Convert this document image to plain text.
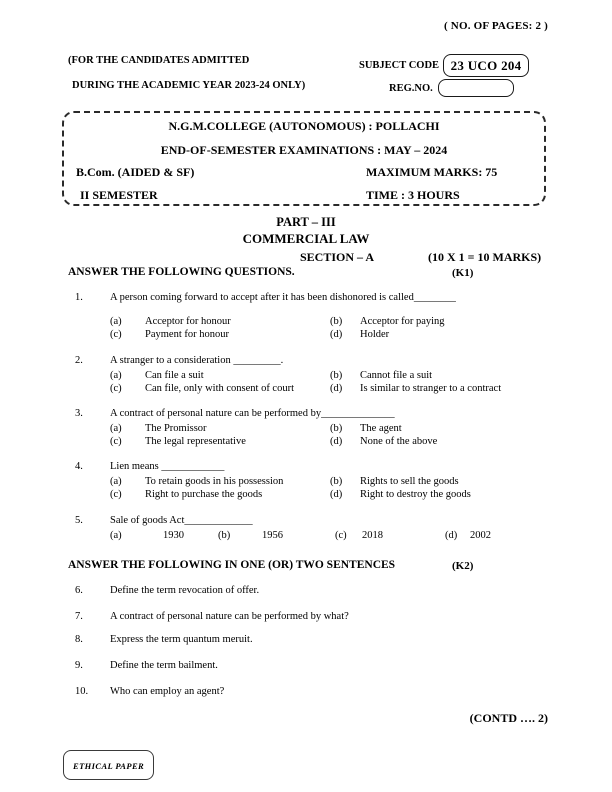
( NO. OF PAGES: 2 )
(FOR THE CANDIDATES ADMITTED
DURING THE ACADEMIC YEAR 2023-24 ONLY)
SUBJECT CODE 23 UCO 204
REG.NO.
N.G.M.COLLEGE (AUTONOMOUS) : POLLACHI
END-OF-SEMESTER EXAMINATIONS : MAY – 2024
B.Com. (AIDED & SF)	MAXIMUM MARKS: 75
II SEMESTER	TIME : 3 HOURS
PART – III
COMMERCIAL LAW
SECTION – A	(10 X 1 = 10 MARKS)
ANSWER THE FOLLOWING QUESTIONS.	(K1)
1.	A person coming forward to accept after it has been dishonored is called________
(a)	Acceptor for honour	(b)	Acceptor for paying
(c)	Payment for honour	(d)	Holder
2.	A stranger to a consideration _________.
(a)	Can file a suit	(b)	Cannot file a suit
(c)	Can file, only with consent of court	(d)	Is similar to stranger to a contract
3.	A contract of personal nature can be performed by______________
(a)	The Promissor	(b)	The agent
(c)	The legal representative	(d)	None of the above
4.	Lien means ____________
(a)	To retain goods in his possession	(b)	Rights to sell the goods
(c)	Right to purchase the goods	(d)	Right to destroy the goods
5.	Sale of goods Act_____________
(a)	1930	(b)	1956	(c)	2018	(d)	2002
ANSWER THE FOLLOWING IN ONE (OR) TWO SENTENCES	(K2)
6.	Define the term revocation of offer.
7.	A contract of personal nature can be performed by what?
8.	Express the term quantum meruit.
9.	Define the term bailment.
10.	Who can employ an agent?
(CONTD …. 2)
ETHICAL PAPER
